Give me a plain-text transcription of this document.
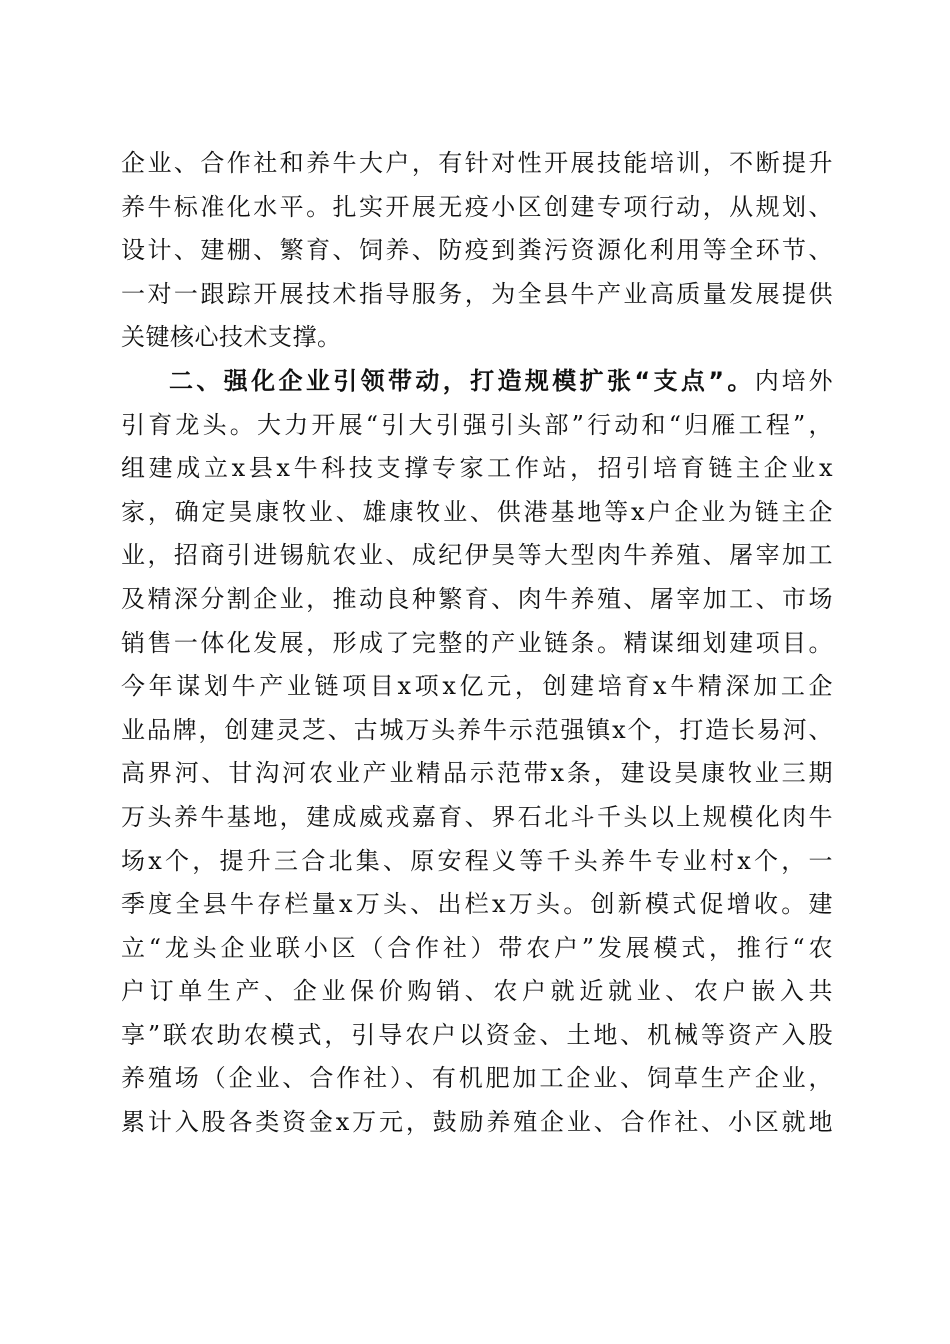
企业、合作社和养牛大户，有针对性开展技能培训，不断提升
养牛标准化水平。扎实开展无疫小区创建专项行动，从规划、
设计、建棚、繁育、饲养、防疫到粪污资源化利用等全环节、
一对一跟踪开展技术指导服务，为全县牛产业高质量发展提供
关键核心技术支撑。
二、强化企业引领带动，打造规模扩张“支点”。内培外
引育龙头。大力开展“引大引强引头部”行动和“归雁工程”，
组建成立x县x牛科技支撑专家工作站，招引培育链主企业x
家，确定昊康牧业、雄康牧业、供港基地等x户企业为链主企
业，招商引进锡航农业、成纪伊昊等大型肉牛养殖、屠宰加工
及精深分割企业，推动良种繁育、肉牛养殖、屠宰加工、市场
销售一体化发展，形成了完整的产业链条。精谋细划建项目。
今年谋划牛产业链项目x项x亿元，创建培育x牛精深加工企
业品牌，创建灵芝、古城万头养牛示范强镇x个，打造长易河、
高界河、甘沟河农业产业精品示范带x条，建设昊康牧业三期
万头养牛基地，建成威戎嘉育、界石北斗千头以上规模化肉牛
场x个，提升三合北集、原安程义等千头养牛专业村x个，一
季度全县牛存栏量x万头、出栏x万头。创新模式促增收。建
立“龙头企业联小区（合作社）带农户”发展模式，推行“农
户订单生产、企业保价购销、农户就近就业、农户嵌入共
享”联农助农模式，引导农户以资金、土地、机械等资产入股
养殖场（企业、合作社）、有机肥加工企业、饲草生产企业，
累计入股各类资金x万元，鼓励养殖企业、合作社、小区就地
